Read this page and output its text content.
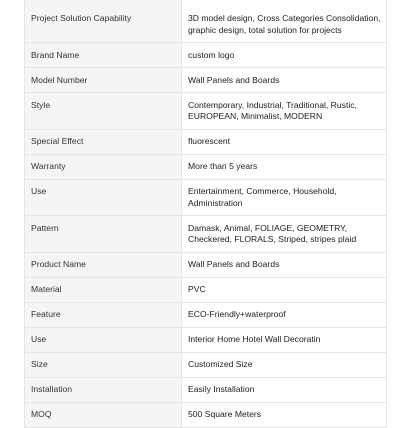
Project Solution Capability	3D model design, Cross Categories Consolidation, graphic design, total solution for projects
Brand Name	custom logo
Model Number	Wall Panels and Boards
Style	Contemporary, Industrial, Traditional, Rustic, EUROPEAN, Minimalist, MODERN
Special Effect	fluorescent
Warranty	More than 5 years
Use	Entertainment, Commerce, Household, Administration
Pattern	Damask, Animal, FOLIAGE, GEOMETRY, Checkered, FLORALS, Striped, stripes plaid
Product Name	Wall Panels and Boards
Material	PVC
Feature	ECO-Friendly+waterproof
Use	Interior Home Hotel Wall Decoratin
Size	Customized Size
Installation	Easily Installation
MOQ	500 Square Meters
